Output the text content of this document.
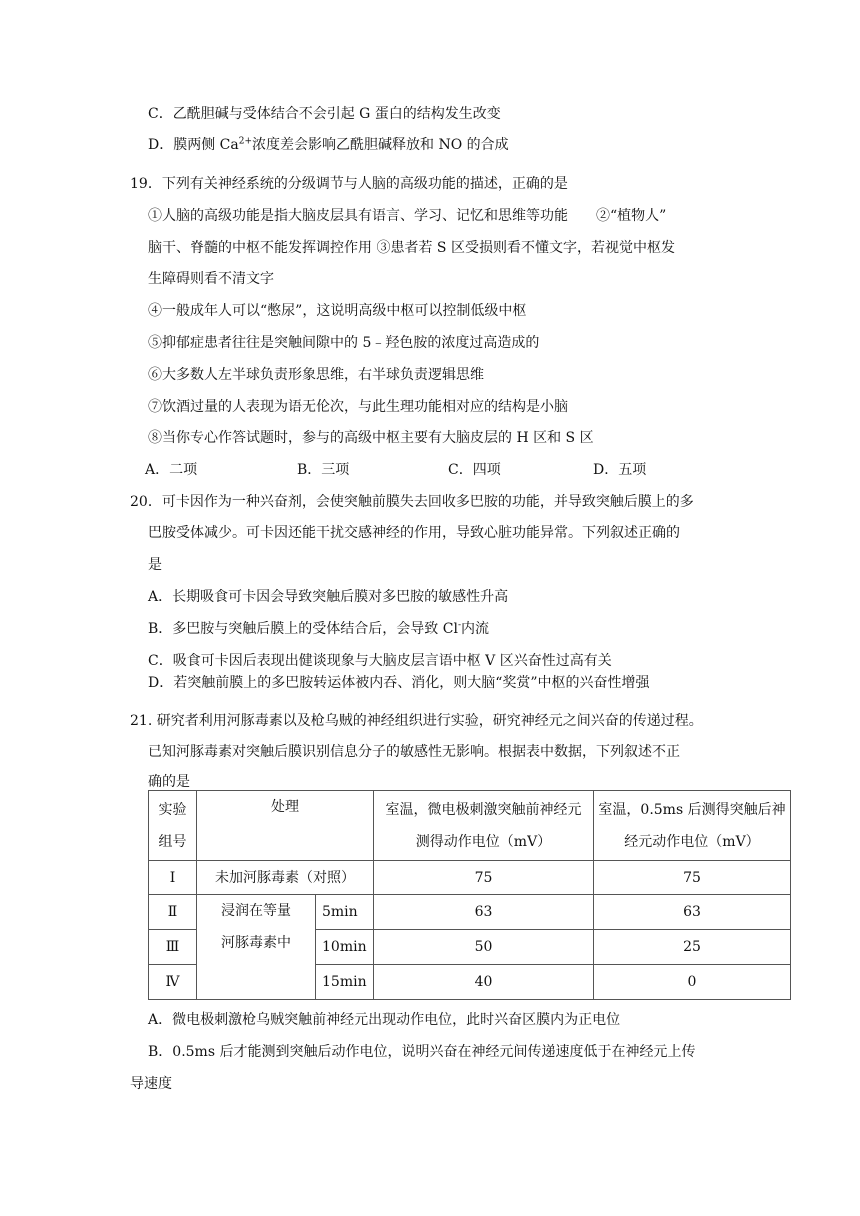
C．乙酰胆碱与受体结合不会引起 G 蛋白的结构发生改变
D．膜两侧 $Ca^{2+}$浓度差会影响乙酰胆碱释放和 NO 的合成
19．下列有关神经系统的分级调节与人脑的高级功能的描述，正确的是
①人脑的高级功能是指大脑皮层具有语言、学习、记忆和思维等功能　　②“植物人”
脑干、脊髓的中枢不能发挥调控作用 ③患者若 S 区受损则看不懂文字，若视觉中枢发
生障碍则看不清文字
④一般成年人可以“憋尿”，这说明高级中枢可以控制低级中枢
⑤抑郁症患者往往是突触间隙中的 5﹣羟色胺的浓度过高造成的
⑥大多数人左半球负责形象思维，右半球负责逻辑思维
⑦饮酒过量的人表现为语无伦次，与此生理功能相对应的结构是小脑
⑧当你专心作答试题时，参与的高级中枢主要有大脑皮层的 H 区和 S 区
A．二项	B．三项	C．四项	D．五项
20．可卡因作为一种兴奋剂，会使突触前膜失去回收多巴胺的功能，并导致突触后膜上的多
巴胺受体减少。可卡因还能干扰交感神经的作用，导致心脏功能异常。下列叙述正确的
是
A．长期吸食可卡因会导致突触后膜对多巴胺的敏感性升高
B．多巴胺与突触后膜上的受体结合后，会导致 Cl-内流
C．吸食可卡因后表现出健谈现象与大脑皮层言语中枢 V 区兴奋性过高有关
D．若突触前膜上的多巴胺转运体被内吞、消化，则大脑“奖赏”中枢的兴奋性增强
21. 研究者利用河豚毒素以及枪乌贼的神经组织进行实验，研究神经元之间兴奋的传递过程。
已知河豚毒素对突触后膜识别信息分子的敏感性无影响。根据表中数据，下列叙述不正
确的是
实验
组号	处理		室温，微电极刺激突触前神经元
测得动作电位（mV）	室温，0.5ms 后测得突触后神
经元动作电位（mV）
Ⅰ	未加河豚毒素（对照）		75	75
Ⅱ	浸润在等量
河豚毒素中	5min	63	63
Ⅲ		10min	50	25
Ⅳ		15min	40	0
A．微电极刺激枪乌贼突触前神经元出现动作电位，此时兴奋区膜内为正电位
B．0.5ms 后才能测到突触后动作电位，说明兴奋在神经元间传递速度低于在神经元上传
导速度
